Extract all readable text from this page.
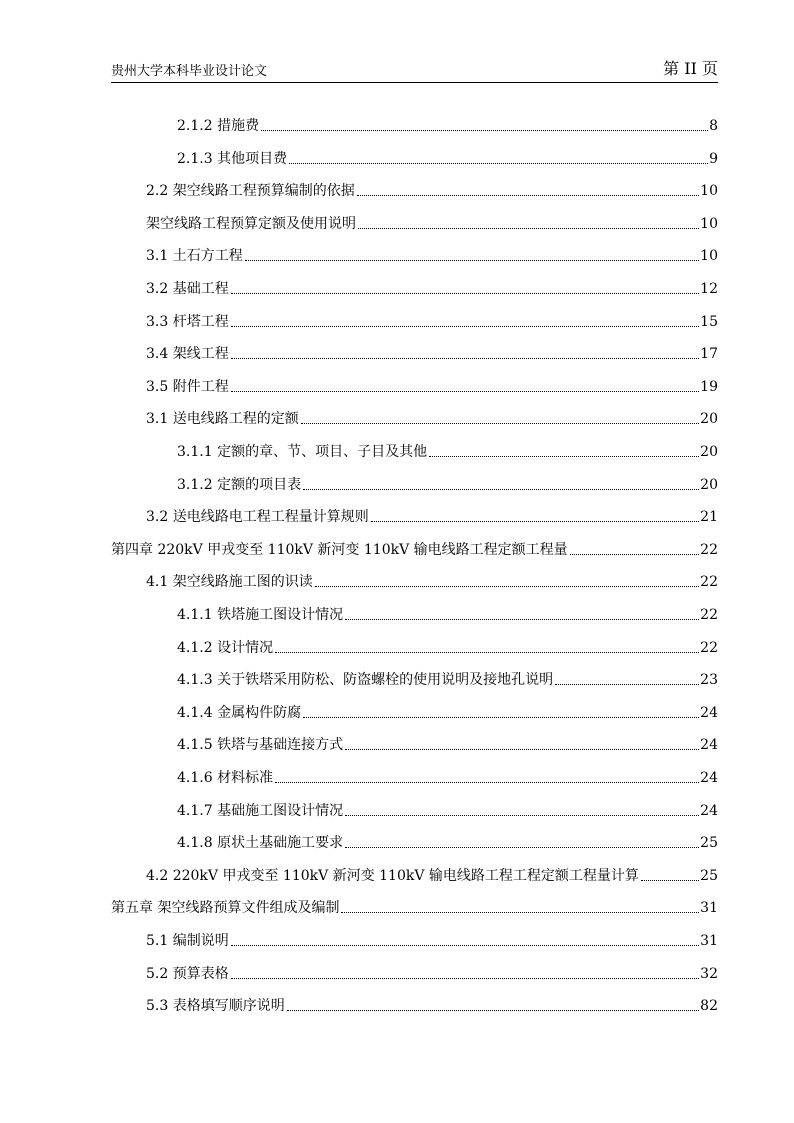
贵州大学本科毕业设计论文	第 II 页
2.1.2 措施费	8
2.1.3 其他项目费	9
2.2 架空线路工程预算编制的依据	10
架空线路工程预算定额及使用说明	10
3.1 土石方工程	10
3.2 基础工程	12
3.3 杆塔工程	15
3.4 架线工程	17
3.5 附件工程	19
3.1 送电线路工程的定额	20
3.1.1 定额的章、节、项目、子目及其他	20
3.1.2 定额的项目表	20
3.2 送电线路电工程工程量计算规则	21
第四章 220kV 甲戎变至 110kV 新河变 110kV 输电线路工程定额工程量	22
4.1 架空线路施工图的识读	22
4.1.1 铁塔施工图设计情况	22
4.1.2 设计情况	22
4.1.3 关于铁塔采用防松、防盗螺栓的使用说明及接地孔说明	23
4.1.4 金属构件防腐	24
4.1.5 铁塔与基础连接方式	24
4.1.6 材料标准	24
4.1.7 基础施工图设计情况	24
4.1.8 原状土基础施工要求	25
4.2 220kV 甲戎变至 110kV 新河变 110kV 输电线路工程工程定额工程量计算	25
第五章 架空线路预算文件组成及编制	31
5.1 编制说明	31
5.2 预算表格	32
5.3 表格填写顺序说明	82
